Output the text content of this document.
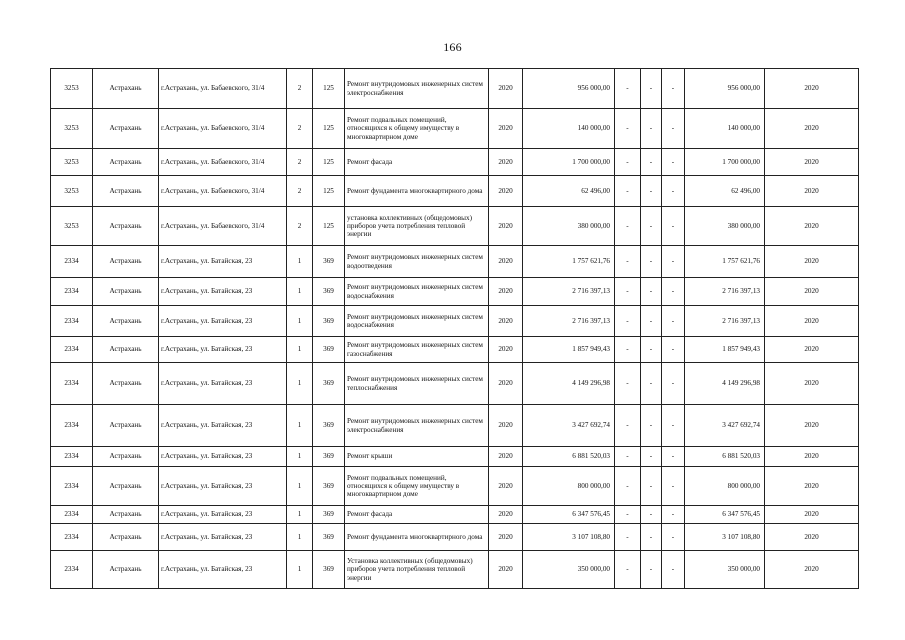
166
3253	Астрахань	г.Астрахань, ул. Бабаевского, 31/4	2	125	Ремонт внутридомовых инженерных систем электроснабжения	2020	956 000,00	-	-	-	956 000,00	2020
3253	Астрахань	г.Астрахань, ул. Бабаевского, 31/4	2	125	Ремонт подвальных помещений, относящихся к общему имуществу в многоквартирном доме	2020	140 000,00	-	-	-	140 000,00	2020
3253	Астрахань	г.Астрахань, ул. Бабаевского, 31/4	2	125	Ремонт фасада	2020	1 700 000,00	-	-	-	1 700 000,00	2020
3253	Астрахань	г.Астрахань, ул. Бабаевского, 31/4	2	125	Ремонт фундамента многоквартирного дома	2020	62 496,00	-	-	-	62 496,00	2020
3253	Астрахань	г.Астрахань, ул. Бабаевского, 31/4	2	125	установка коллективных (общедомовых) приборов учета потребления тепловой энергии	2020	380 000,00	-	-	-	380 000,00	2020
2334	Астрахань	г.Астрахань, ул. Батайская, 23	1	369	Ремонт внутридомовых инженерных систем водоотведения	2020	1 757 621,76	-	-	-	1 757 621,76	2020
2334	Астрахань	г.Астрахань, ул. Батайская, 23	1	369	Ремонт внутридомовых инженерных систем водоснабжения	2020	2 716 397,13	-	-	-	2 716 397,13	2020
2334	Астрахань	г.Астрахань, ул. Батайская, 23	1	369	Ремонт внутридомовых инженерных систем водоснабжения	2020	2 716 397,13	-	-	-	2 716 397,13	2020
2334	Астрахань	г.Астрахань, ул. Батайская, 23	1	369	Ремонт внутридомовых инженерных систем газоснабжения	2020	1 857 949,43	-	-	-	1 857 949,43	2020
2334	Астрахань	г.Астрахань, ул. Батайская, 23	1	369	Ремонт внутридомовых инженерных систем теплоснабжения	2020	4 149 296,98	-	-	-	4 149 296,98	2020
2334	Астрахань	г.Астрахань, ул. Батайская, 23	1	369	Ремонт внутридомовых инженерных систем электроснабжения	2020	3 427 692,74	-	-	-	3 427 692,74	2020
2334	Астрахань	г.Астрахань, ул. Батайская, 23	1	369	Ремонт крыши	2020	6 881 520,03	-	-	-	6 881 520,03	2020
2334	Астрахань	г.Астрахань, ул. Батайская, 23	1	369	Ремонт подвальных помещений, относящихся к общему имуществу в многоквартирном доме	2020	800 000,00	-	-	-	800 000,00	2020
2334	Астрахань	г.Астрахань, ул. Батайская, 23	1	369	Ремонт фасада	2020	6 347 576,45	-	-	-	6 347 576,45	2020
2334	Астрахань	г.Астрахань, ул. Батайская, 23	1	369	Ремонт фундамента многоквартирного дома	2020	3 107 108,80	-	-	-	3 107 108,80	2020
2334	Астрахань	г.Астрахань, ул. Батайская, 23	1	369	Установка коллективных (общедомовых) приборов учета потребления тепловой энергии	2020	350 000,00	-	-	-	350 000,00	2020
